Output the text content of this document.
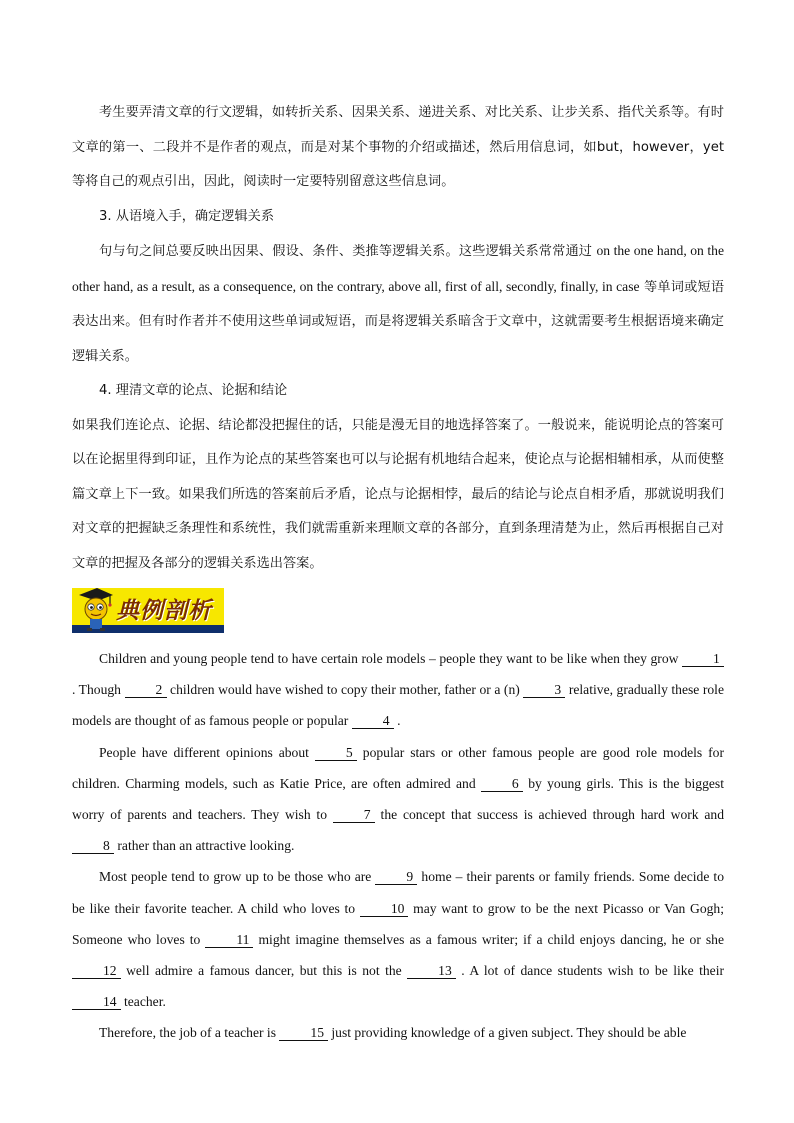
考生要弄清文章的行文逻辑，如转折关系、因果关系、递进关系、对比关系、让步关系、指代关系等。有时文章的第一、二段并不是作者的观点，而是对某个事物的介绍或描述，然后用信息词，如but，however，yet等将自己的观点引出，因此，阅读时一定要特别留意这些信息词。

3. 从语境入手，确定逻辑关系

句与句之间总要反映出因果、假设、条件、类推等逻辑关系。这些逻辑关系常常通过 on the one hand, on the other hand, as a result, as a consequence, on the contrary, above all, first of all, secondly, finally, in case 等单词或短语表达出来。但有时作者并不使用这些单词或短语，而是将逻辑关系暗含于文章中，这就需要考生根据语境来确定逻辑关系。

4. 理清文章的论点、论据和结论

如果我们连论点、论据、结论都没把握住的话，只能是漫无目的地选择答案了。一般说来，能说明论点的答案可以在论据里得到印证，且作为论点的某些答案也可以与论据有机地结合起来，使论点与论据相辅相承，从而使整篇文章上下一致。如果我们所选的答案前后矛盾，论点与论据相悖，最后的结论与论点自相矛盾，那就说明我们对文章的把握缺乏条理性和系统性，我们就需重新来理顺文章的各部分，直到条理清楚为止，然后再根据自己对文章的把握及各部分的逻辑关系选出答案。

典例剖析

Children and young people tend to have certain role models – people they want to be like when they grow 1 . Though 2 children would have wished to copy their mother, father or a (n) 3 relative, gradually these role models are thought of as famous people or popular 4 .

People have different opinions about 5 popular stars or other famous people are good role models for children. Charming models, such as Katie Price, are often admired and 6 by young girls. This is the biggest worry of parents and teachers. They wish to 7 the concept that success is achieved through hard work and 8 rather than an attractive looking.

Most people tend to grow up to be those who are 9 home – their parents or family friends. Some decide to be like their favorite teacher. A child who loves to 10 may want to grow to be the next Picasso or Van Gogh; Someone who loves to 11 might imagine themselves as a famous writer; if a child enjoys dancing, he or she 12 well admire a famous dancer, but this is not the 13 . A lot of dance students wish to be like their 14 teacher.

Therefore, the job of a teacher is 15 just providing knowledge of a given subject. They should be able
